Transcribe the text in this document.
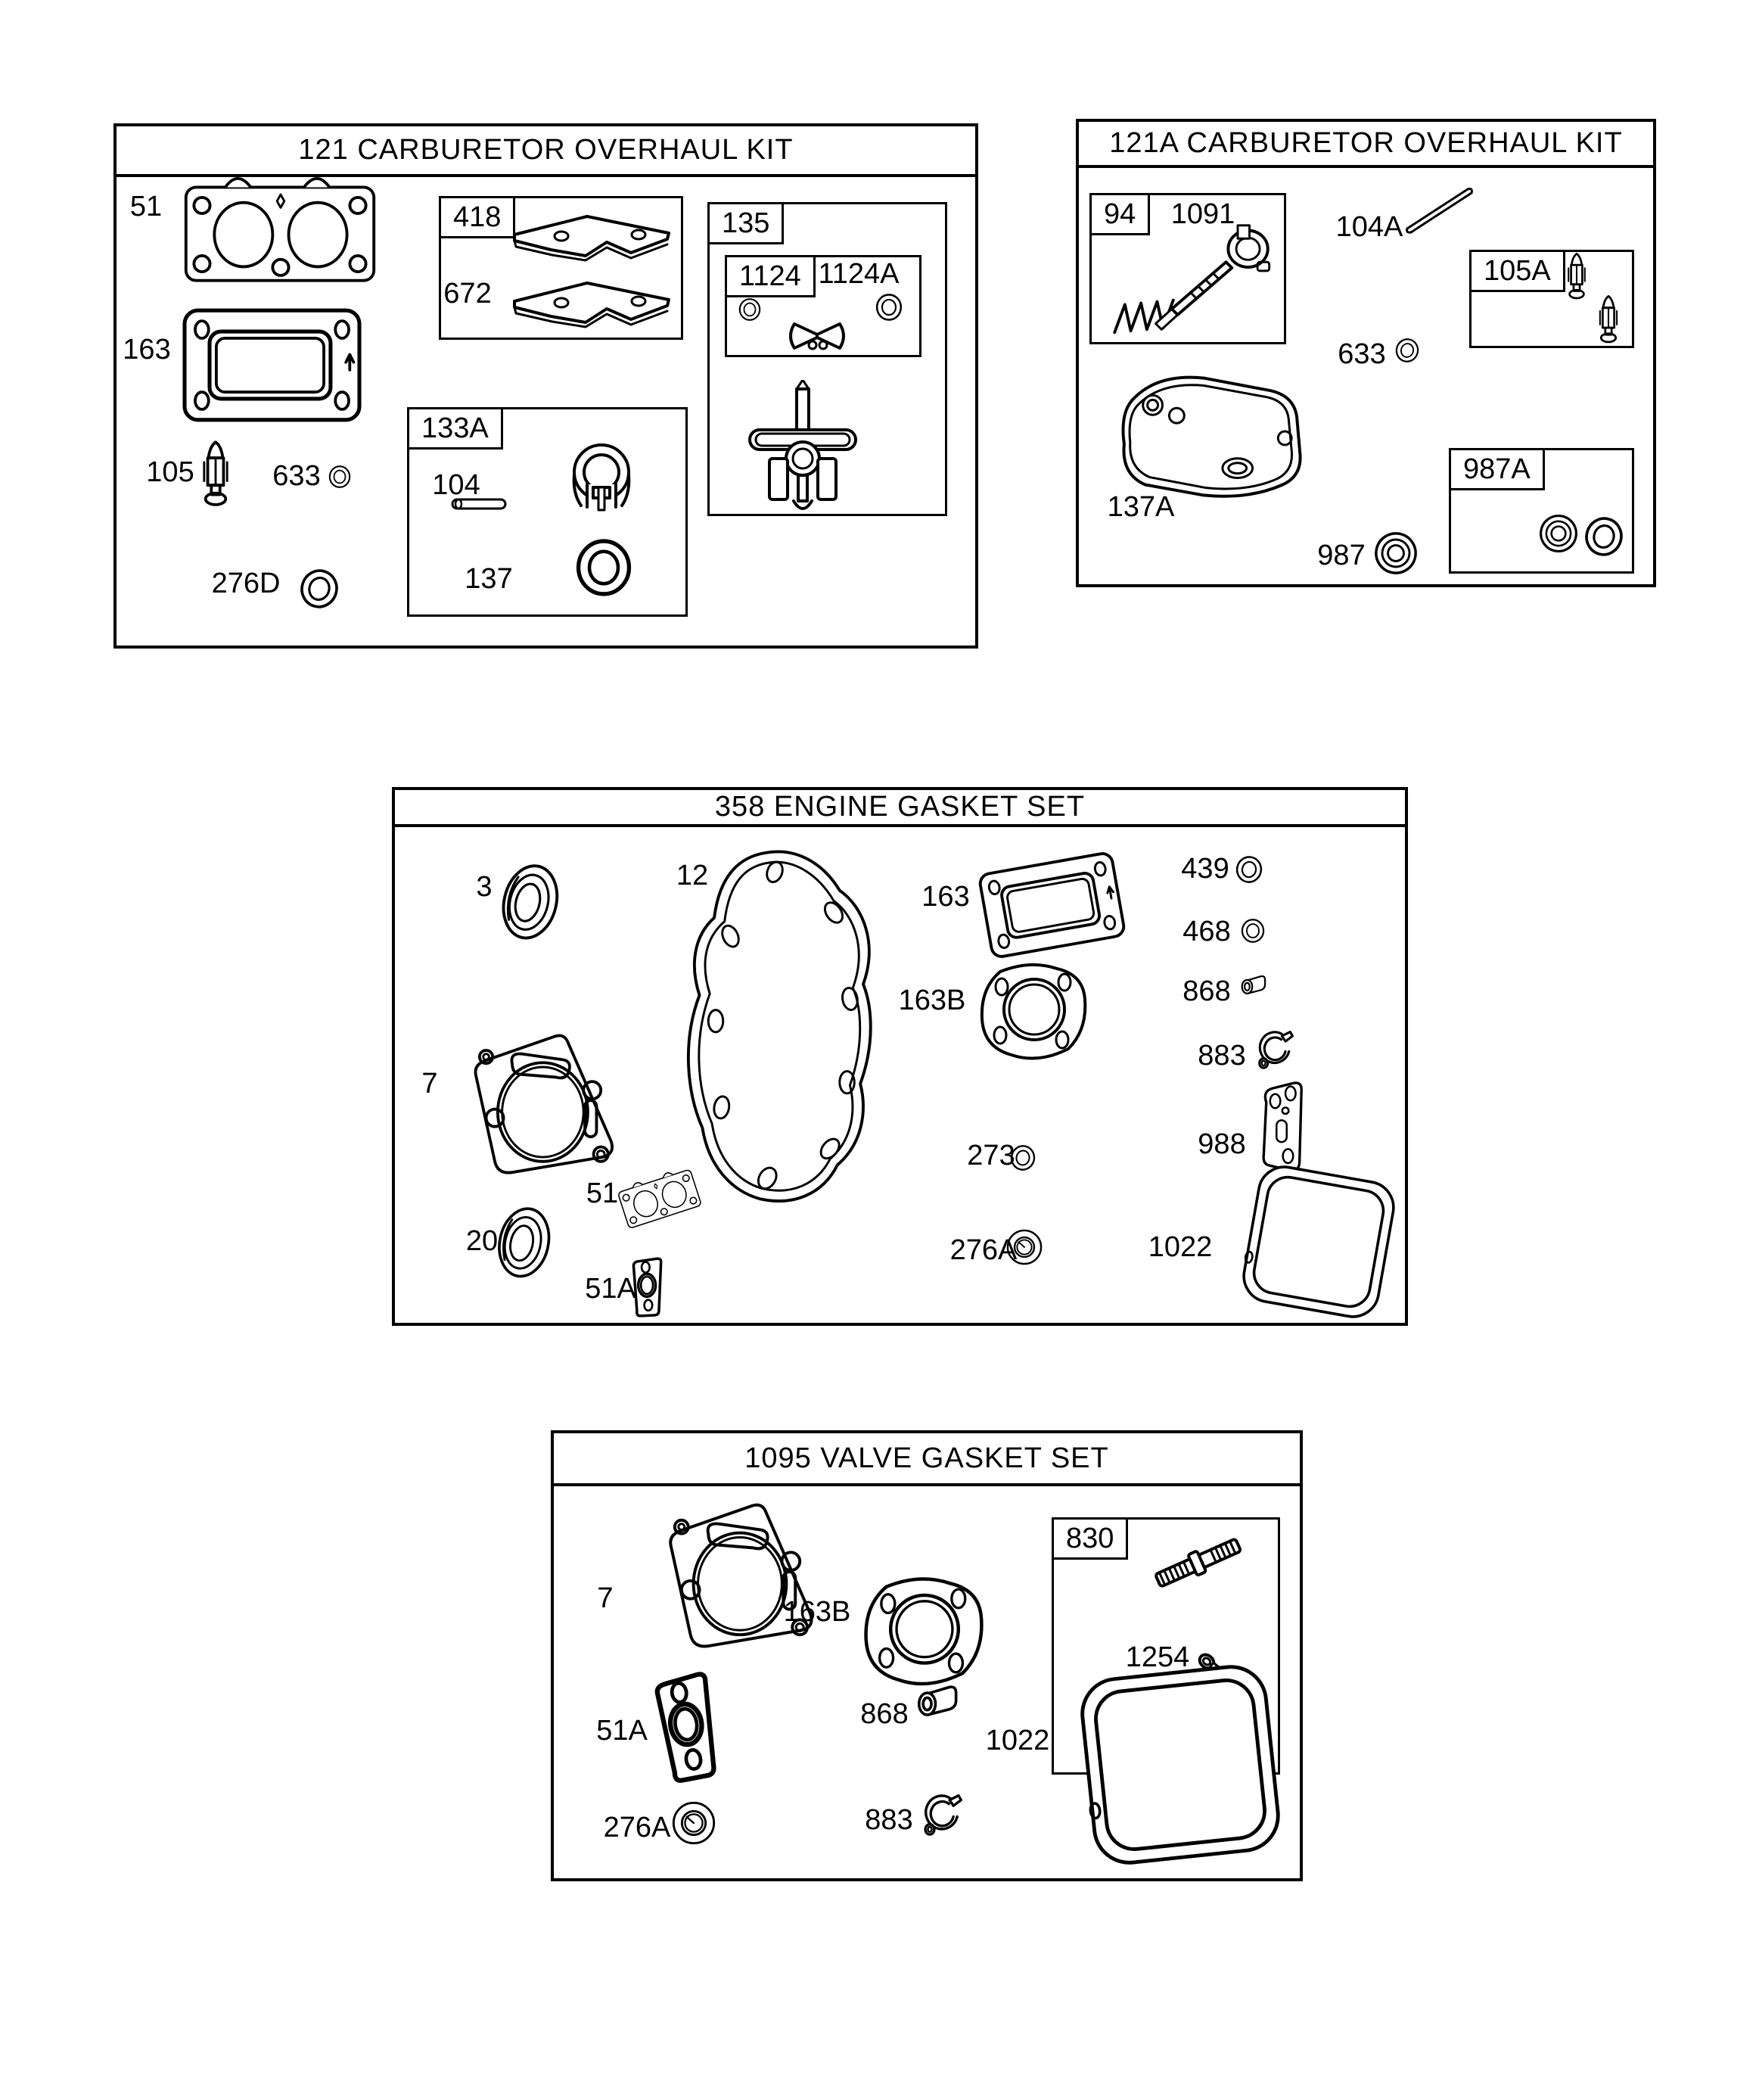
121 CARBURETOR OVERHAUL KIT
51
163
105	633
276D
418
672
133A
104
137
135
1124 1124A
121A CARBURETOR OVERHAUL KIT
94	1091	104A
105A
633
137A
987
987A
358 ENGINE GASKET SET
3	12
7
20
51
51A
163
163B
439
468
868
883
988
273
276A	1022
1095 VALVE GASKET SET
7	163B
830
1254
276A
51A
868
276A	883
1022
